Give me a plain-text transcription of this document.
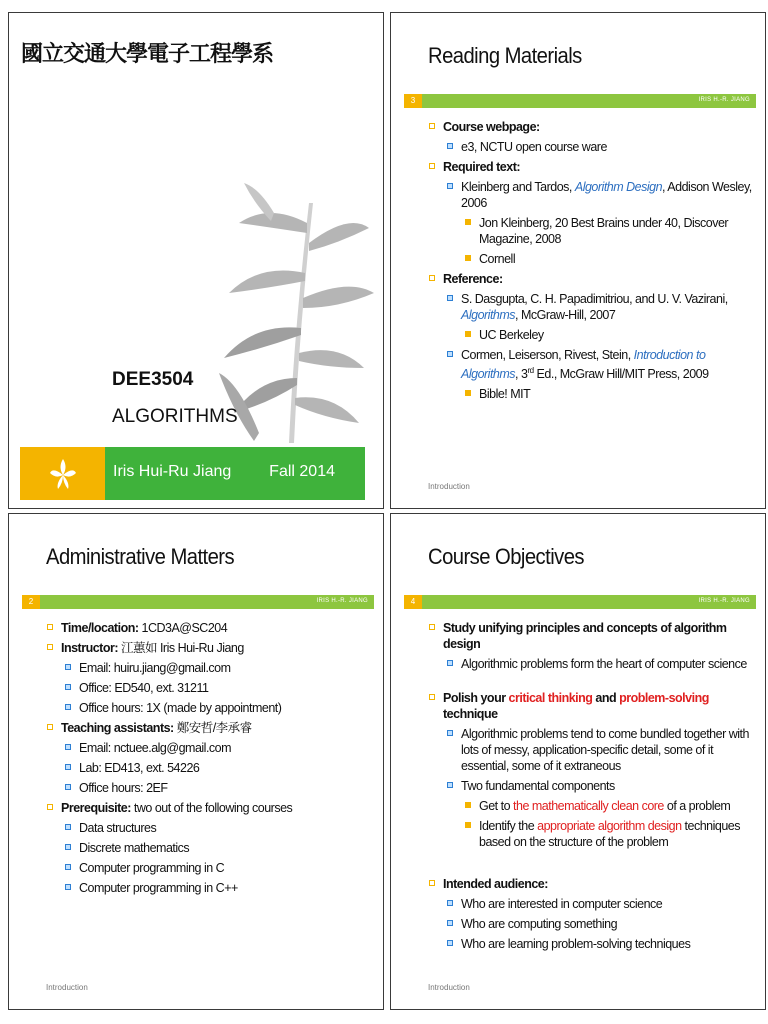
國立交通大學電子工程學系
DEE3504
ALGORITHMS
Iris Hui-Ru Jiang Fall 2014
Reading Materials
3	IRIS H.-R. JIANG
Course webpage:
e3, NCTU open course ware
Required text:
Kleinberg and Tardos, Algorithm Design, Addison Wesley, 2006
Jon Kleinberg, 20 Best Brains under 40, Discover Magazine, 2008
Cornell
Reference:
S. Dasgupta, C. H. Papadimitriou, and U. V. Vazirani, Algorithms, McGraw-Hill, 2007
UC Berkeley
Cormen, Leiserson, Rivest, Stein, Introduction to Algorithms, 3rd Ed., McGraw Hill/MIT Press, 2009
Bible! MIT
Introduction
Administrative Matters
2	IRIS H.-R. JIANG
Time/location: 1CD3A@SC204
Instructor: 江蕙如 Iris Hui-Ru Jiang
Email: huiru.jiang@gmail.com
Office: ED540, ext. 31211
Office hours: 1X (made by appointment)
Teaching assistants: 鄭安哲/李承睿
Email: nctuee.alg@gmail.com
Lab: ED413, ext. 54226
Office hours: 2EF
Prerequisite: two out of the following courses
Data structures
Discrete mathematics
Computer programming in C
Computer programming in C++
Introduction
Course Objectives
4	IRIS H.-R. JIANG
Study unifying principles and concepts of algorithm design
Algorithmic problems form the heart of computer science
Polish your critical thinking and problem-solving technique
Algorithmic problems tend to come bundled together with lots of messy, application-specific detail, some of it essential, some of it extraneous
Two fundamental components
Get to the mathematically clean core of a problem
Identify the appropriate algorithm design techniques based on the structure of the problem
Intended audience:
Who are interested in computer science
Who are computing something
Who are learning problem-solving techniques
Introduction
